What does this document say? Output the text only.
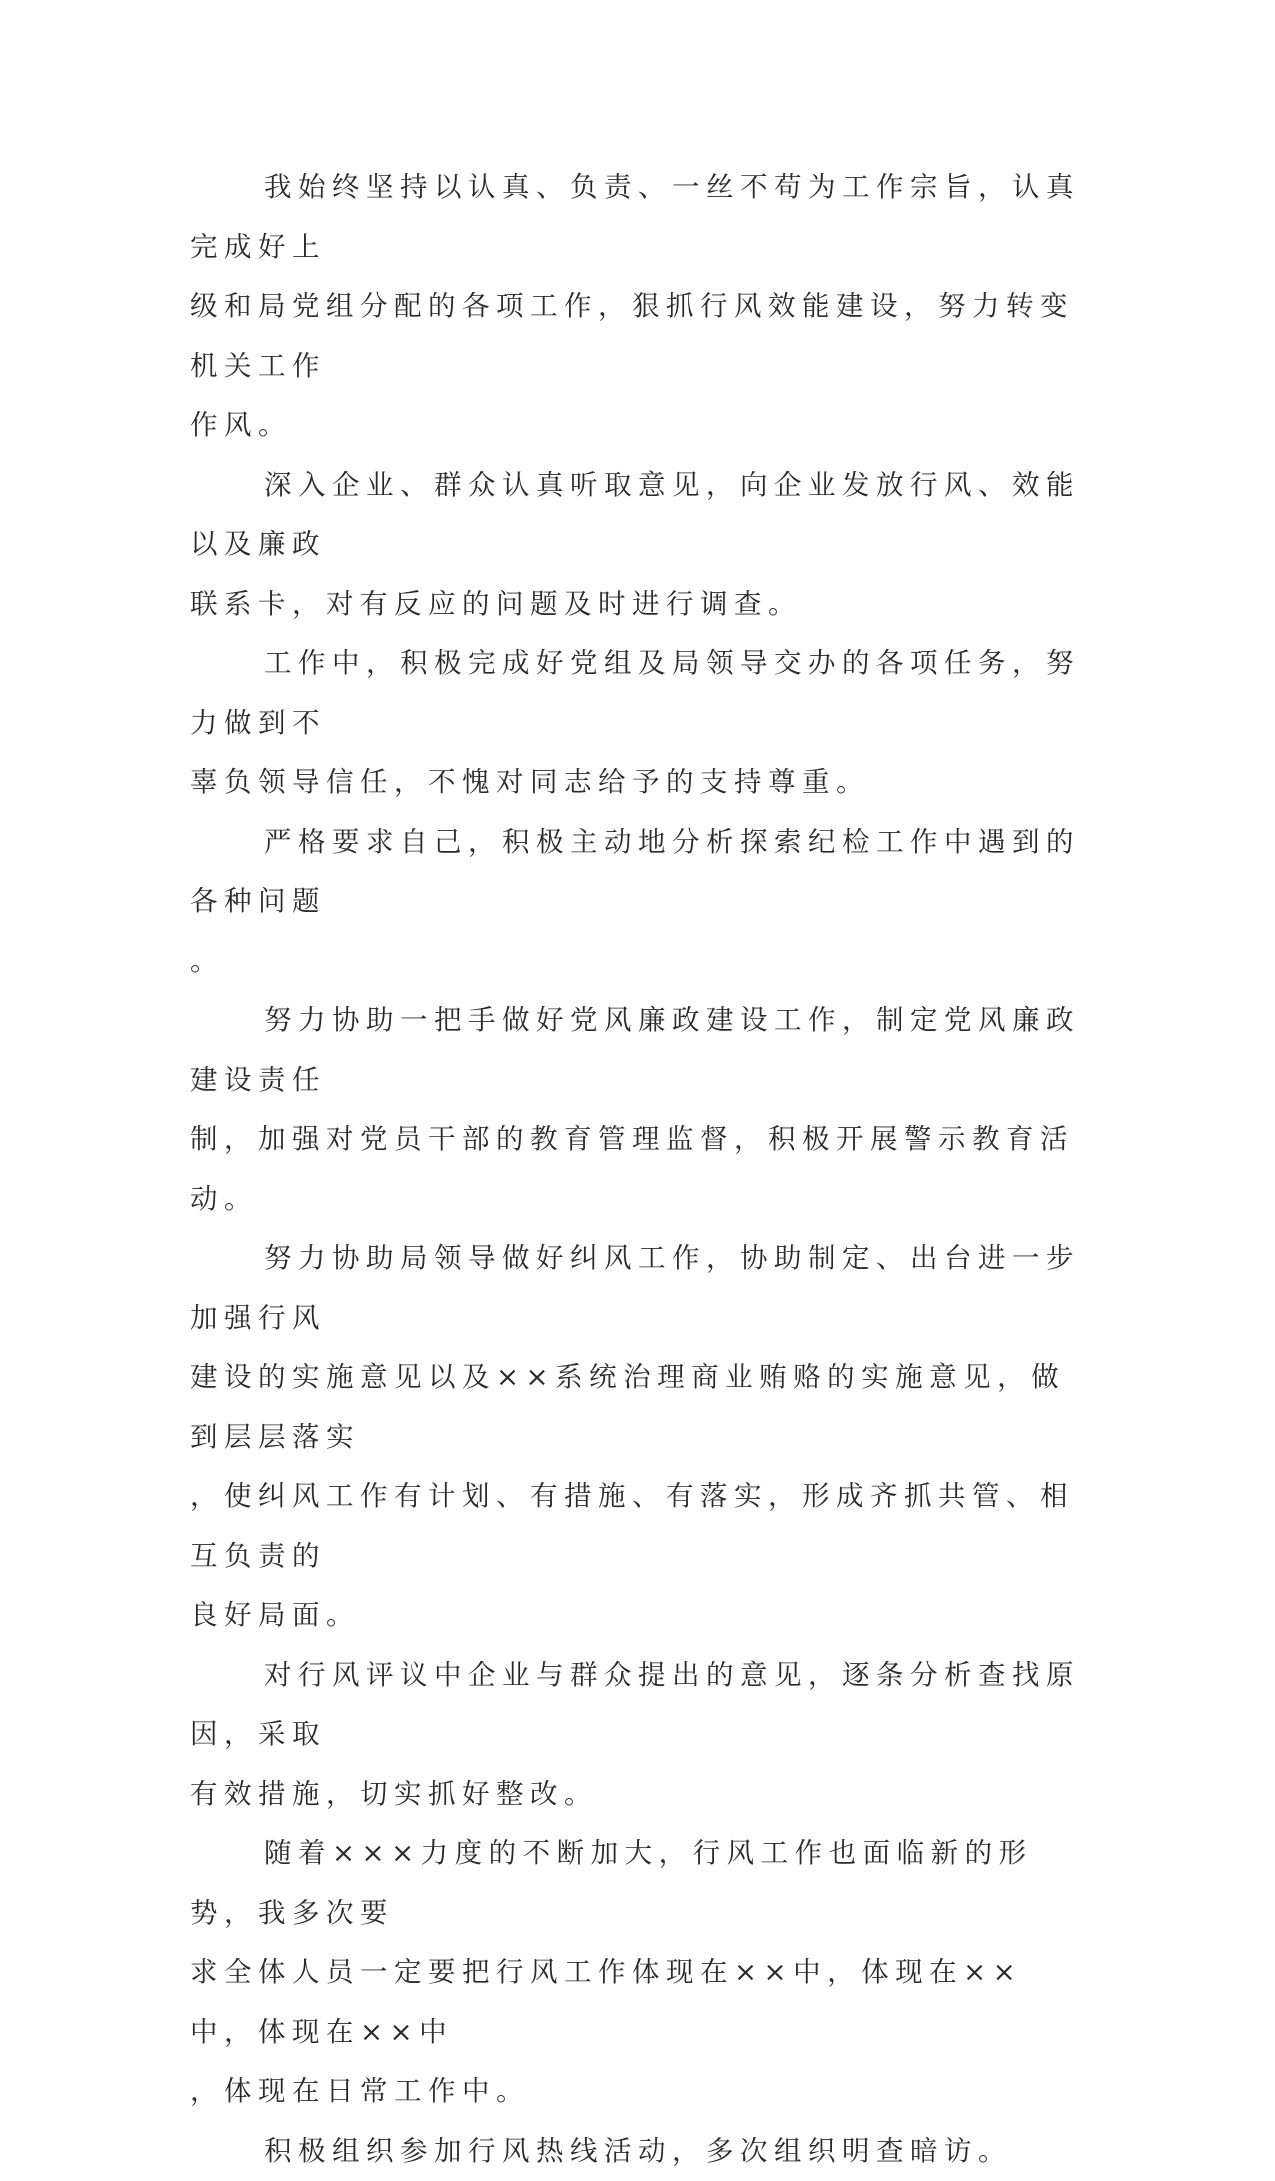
我始终坚持以认真、负责、一丝不苟为工作宗旨，认真完成好上
级和局党组分配的各项工作，狠抓行风效能建设，努力转变机关工作
作风。

深入企业、群众认真听取意见，向企业发放行风、效能以及廉政
联系卡，对有反应的问题及时进行调查。

工作中，积极完成好党组及局领导交办的各项任务，努力做到不
辜负领导信任，不愧对同志给予的支持尊重。

严格要求自己，积极主动地分析探索纪检工作中遇到的各种问题
。

努力协助一把手做好党风廉政建设工作，制定党风廉政建设责任
制，加强对党员干部的教育管理监督，积极开展警示教育活动。

努力协助局领导做好纠风工作，协助制定、出台进一步加强行风
建设的实施意见以及××系统治理商业贿赂的实施意见，做到层层落实
，使纠风工作有计划、有措施、有落实，形成齐抓共管、相互负责的
良好局面。

对行风评议中企业与群众提出的意见，逐条分析查找原因，采取
有效措施，切实抓好整改。

随着×××力度的不断加大，行风工作也面临新的形势，我多次要
求全体人员一定要把行风工作体现在××中，体现在××中，体现在××中
，体现在日常工作中。

积极组织参加行风热线活动，多次组织明查暗访。
